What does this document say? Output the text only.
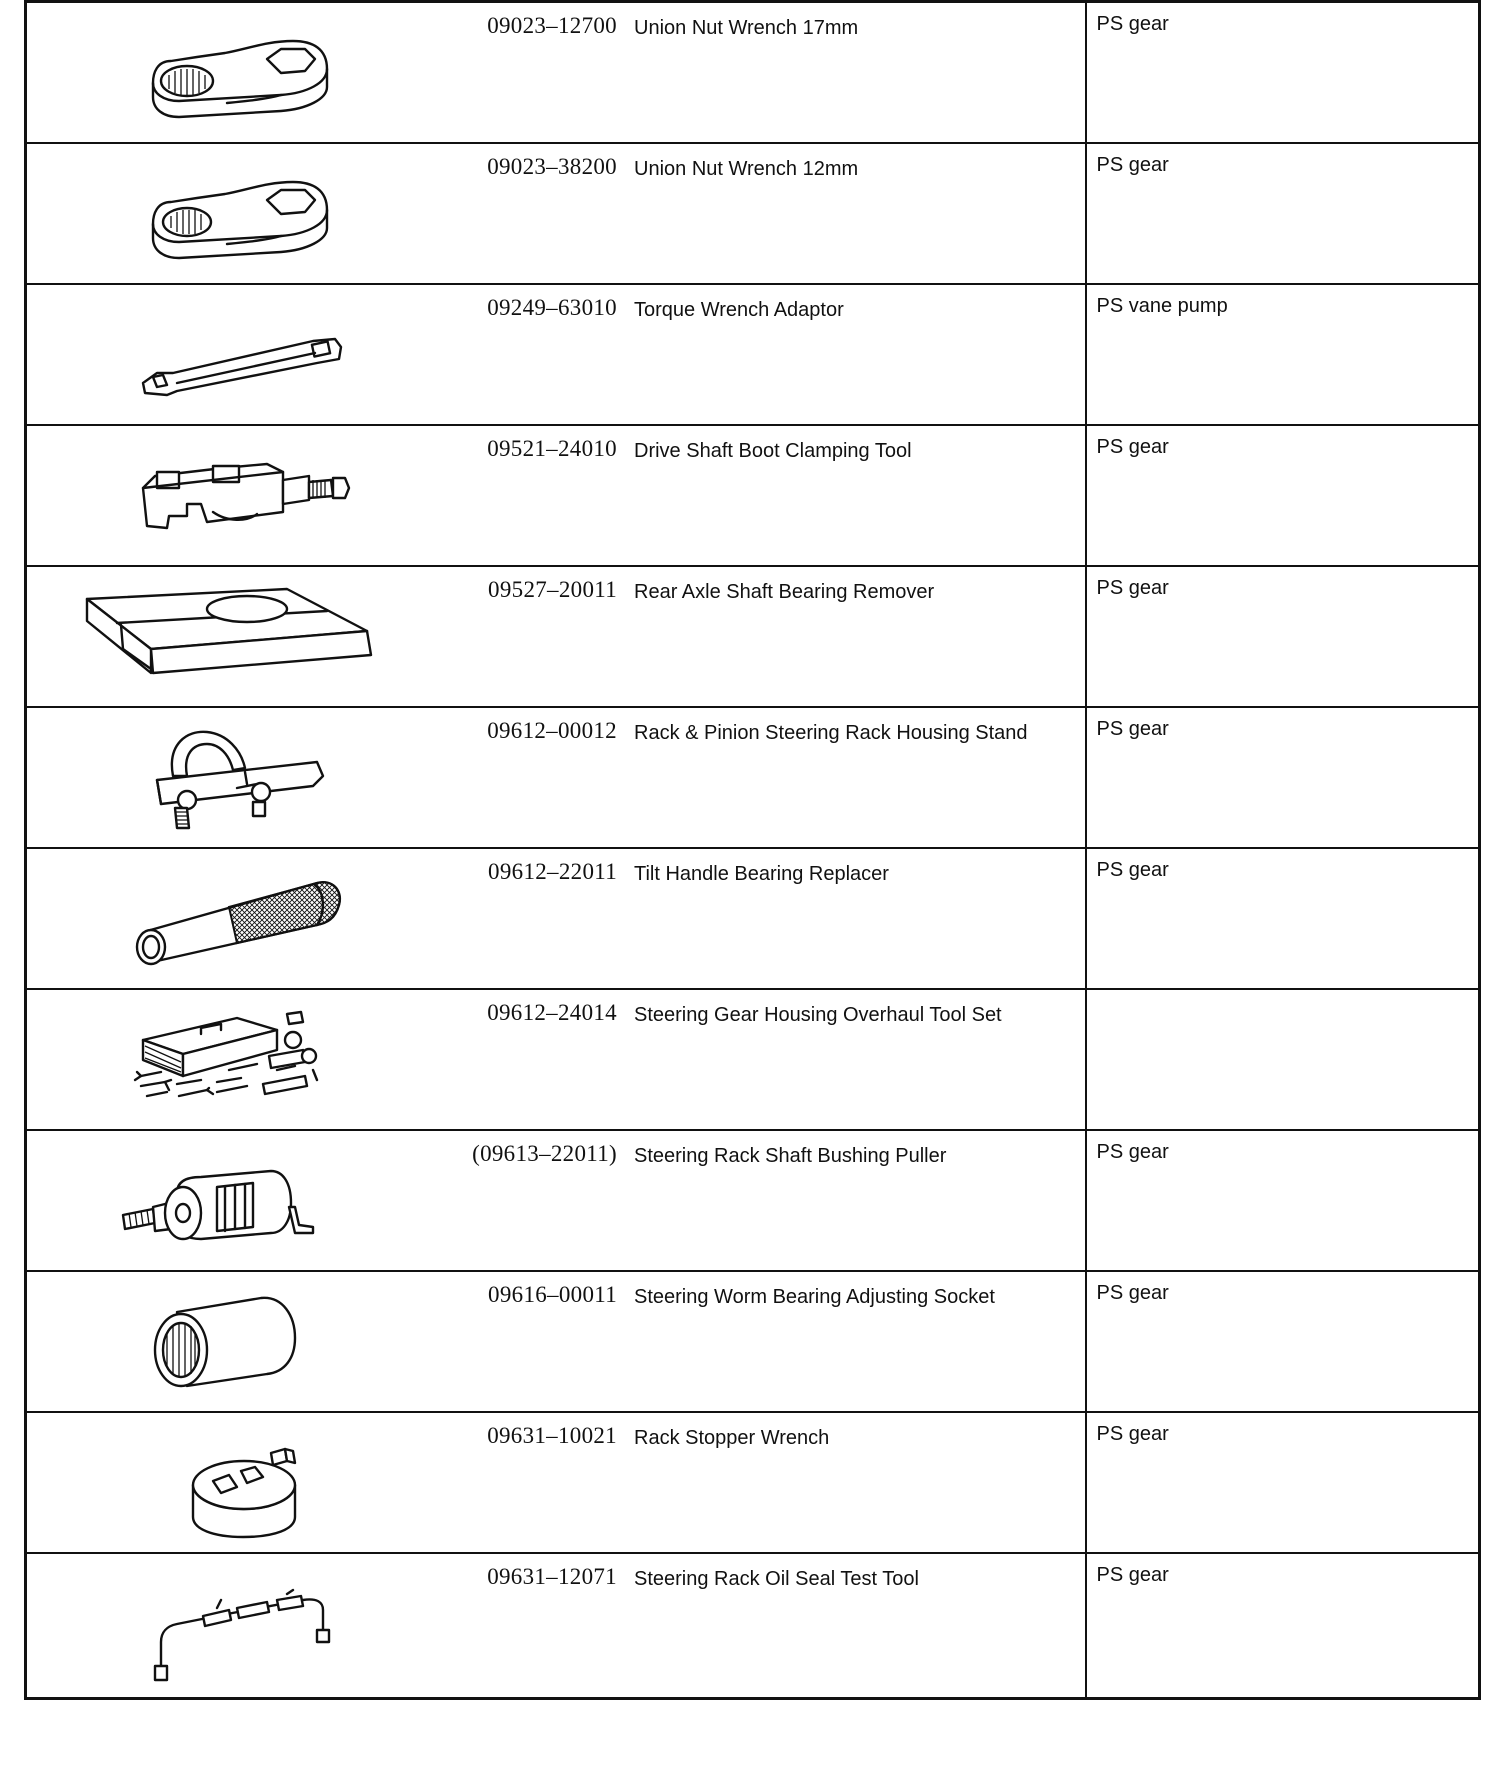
09023–12700 Union Nut Wrench 17mm	PS gear

09023–38200 Union Nut Wrench 12mm	PS gear

09249–63010 Torque Wrench Adaptor	PS vane pump

09521–24010 Drive Shaft Boot Clamping Tool	PS gear

09527–20011 Rear Axle Shaft Bearing Remover	PS gear

09612–00012 Rack & Pinion Steering Rack Housing Stand	PS gear

09612–22011 Tilt Handle Bearing Replacer	PS gear

09612–24014 Steering Gear Housing Overhaul Tool Set	

(09613–22011) Steering Rack Shaft Bushing Puller	PS gear

09616–00011 Steering Worm Bearing Adjusting Socket	PS gear

09631–10021 Rack Stopper Wrench	PS gear

09631–12071 Steering Rack Oil Seal Test Tool	PS gear
